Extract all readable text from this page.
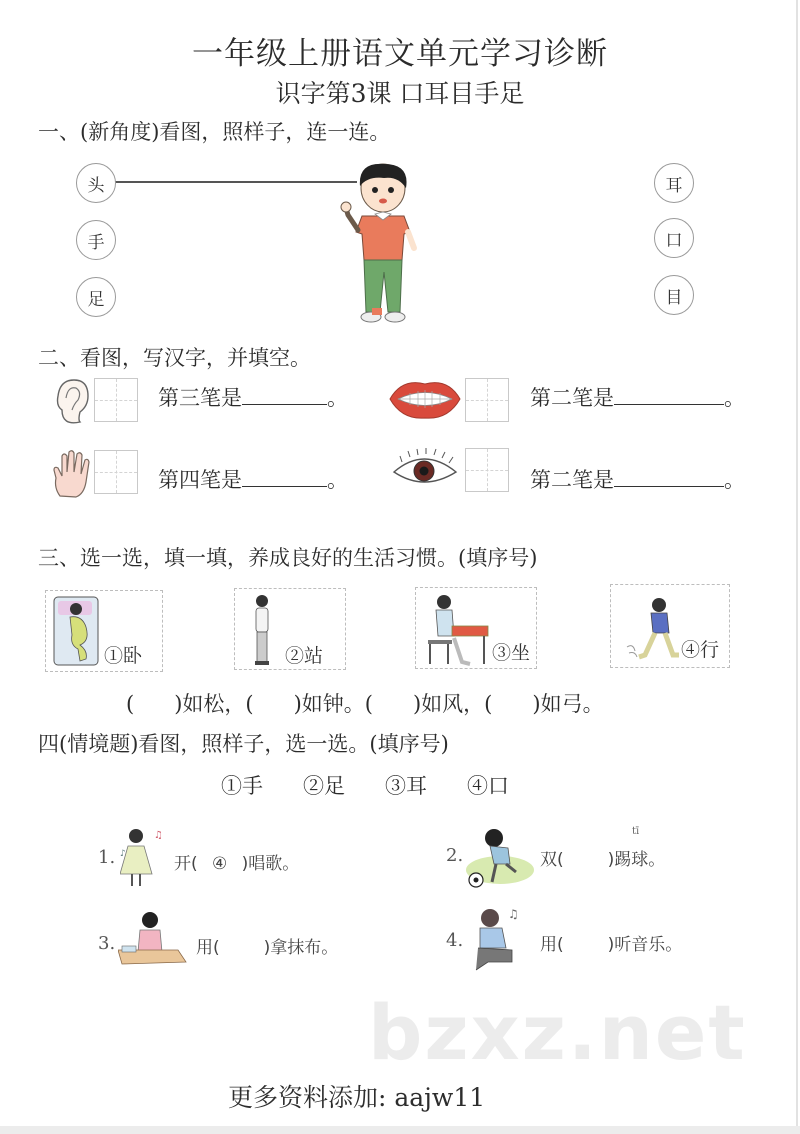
一年级上册语文单元学习诊断
识字第3课 口耳目手足
一、(新角度)看图，照样子，连一连。
头
手
足
耳
口
目
二、看图，写汉字，并填空。
第三笔是	。	第二笔是	。
第四笔是	。	第二笔是	。
三、选一选，填一填，养成良好的生活习惯。(填序号)
①卧	②站	③坐	④行
( )如松，( )如钟。( )如风，( )如弓。
四(情境题)看图，照样子，选一选。(填序号)
①手 ②足 ③耳 ④口
1.
♫
♪	开( ④ )唱歌。	2.
tī
双(	)踢球。
3.	用(	)拿抹布。	4.
♫
用(	)听音乐。
bzxz.net
更多资料添加: aajw11
